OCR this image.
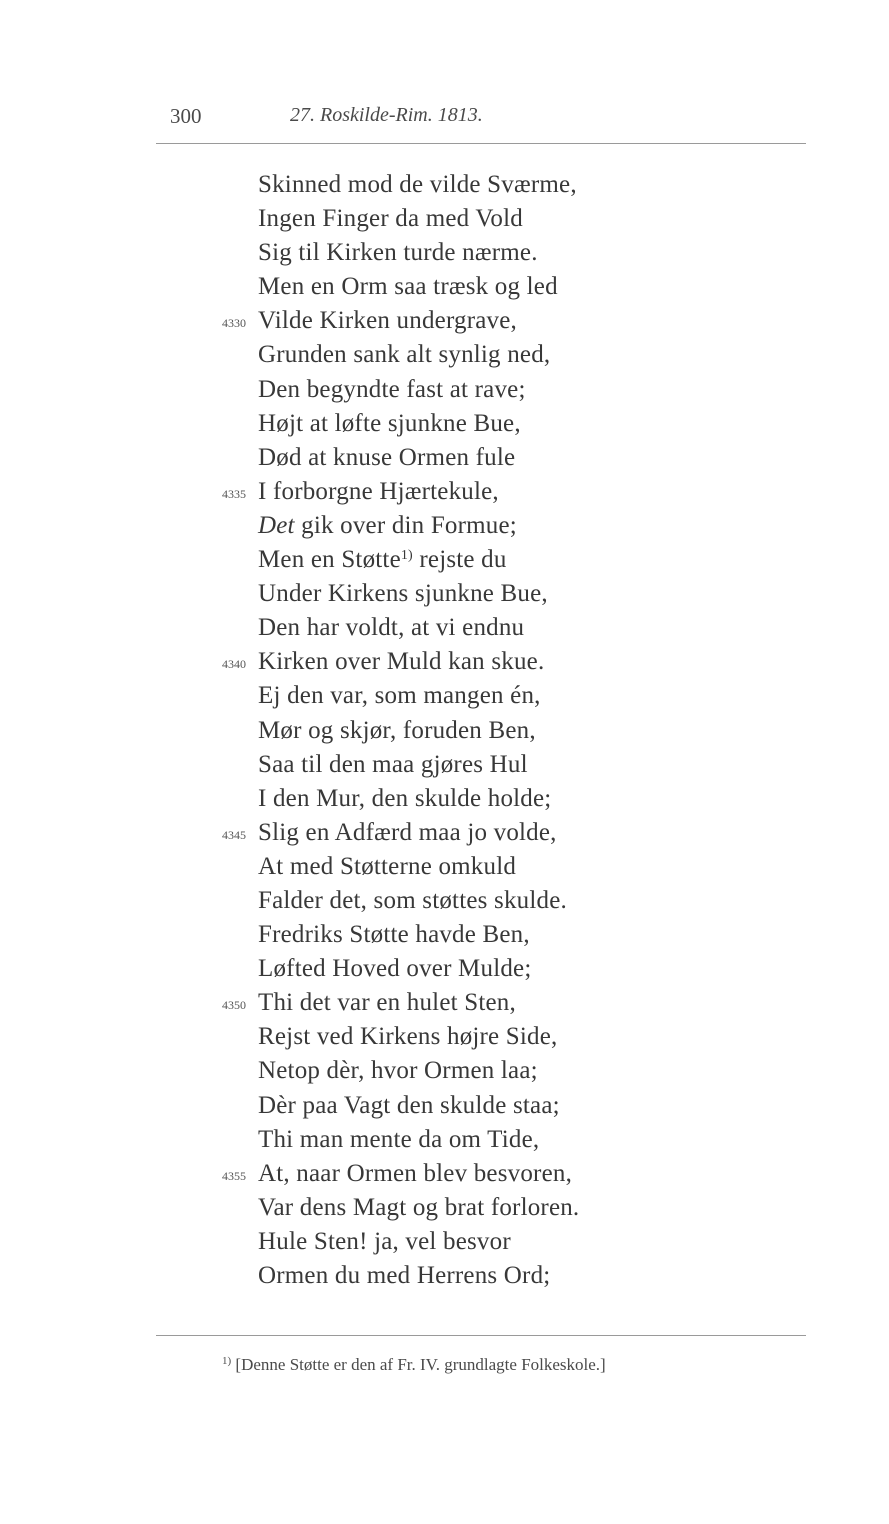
300	27. Roskilde-Rim. 1813.
Skinned mod de vilde Sværme,
Ingen Finger da med Vold
Sig til Kirken turde nærme.
Men en Orm saa træsk og led
4330 Vilde Kirken undergrave,
Grunden sank alt synlig ned,
Den begyndte fast at rave;
Højt at løfte sjunkne Bue,
Død at knuse Ormen fule
4335 I forborgne Hjærtekule,
Det gik over din Formue;
Men en Støtte$^{1)}$ rejste du
Under Kirkens sjunkne Bue,
Den har voldt, at vi endnu
4340 Kirken over Muld kan skue.
Ej den var, som mangen én,
Mør og skjør, foruden Ben,
Saa til den maa gjøres Hul
I den Mur, den skulde holde;
4345 Slig en Adfærd maa jo volde,
At med Støtterne omkuld
Falder det, som støttes skulde.
Fredriks Støtte havde Ben,
Løfted Hoved over Mulde;
4350 Thi det var en hulet Sten,
Rejst ved Kirkens højre Side,
Netop dèr, hvor Ormen laa;
Dèr paa Vagt den skulde staa;
Thi man mente da om Tide,
4355 At, naar Ormen blev besvoren,
Var dens Magt og brat forloren.
Hule Sten! ja, vel besvor
Ormen du med Herrens Ord;
$^{1)}$ [Denne Støtte er den af Fr. IV. grundlagte Folkeskole.]
